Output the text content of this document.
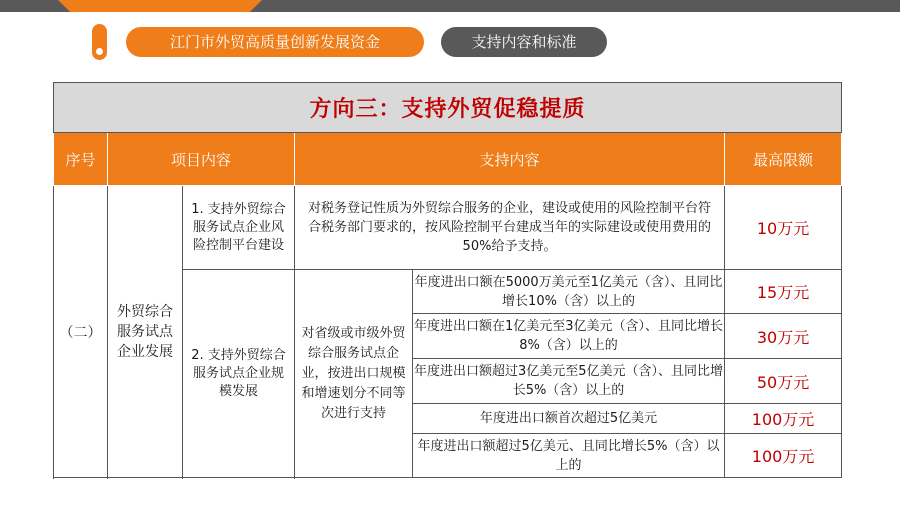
江门市外贸高质量创新发展资金	支持内容和标准
方向三：支持外贸促稳提质					
序号	项目内容		支持内容		最高限额
（二）	外贸综合服务试点企业发展	1. 支持外贸综合服务试点企业风险控制平台建设	对税务登记性质为外贸综合服务的企业，建设或使用的风险控制平台符合税务部门要求的，按风险控制平台建成当年的实际建设或使用费用的50%给予支持。		10万元
		2. 支持外贸综合服务试点企业规模发展	对省级或市级外贸综合服务试点企业，按进出口规模和增速划分不同等次进行支持	年度进出口额在5000万美元至1亿美元（含）、且同比增长10%（含）以上的	15万元
				年度进出口额在1亿美元至3亿美元（含）、且同比增长8%（含）以上的	30万元
				年度进出口额超过3亿美元至5亿美元（含）、且同比增长5%（含）以上的	50万元
				年度进出口额首次超过5亿美元	100万元
				年度进出口额超过5亿美元、且同比增长5%（含）以上的	100万元
